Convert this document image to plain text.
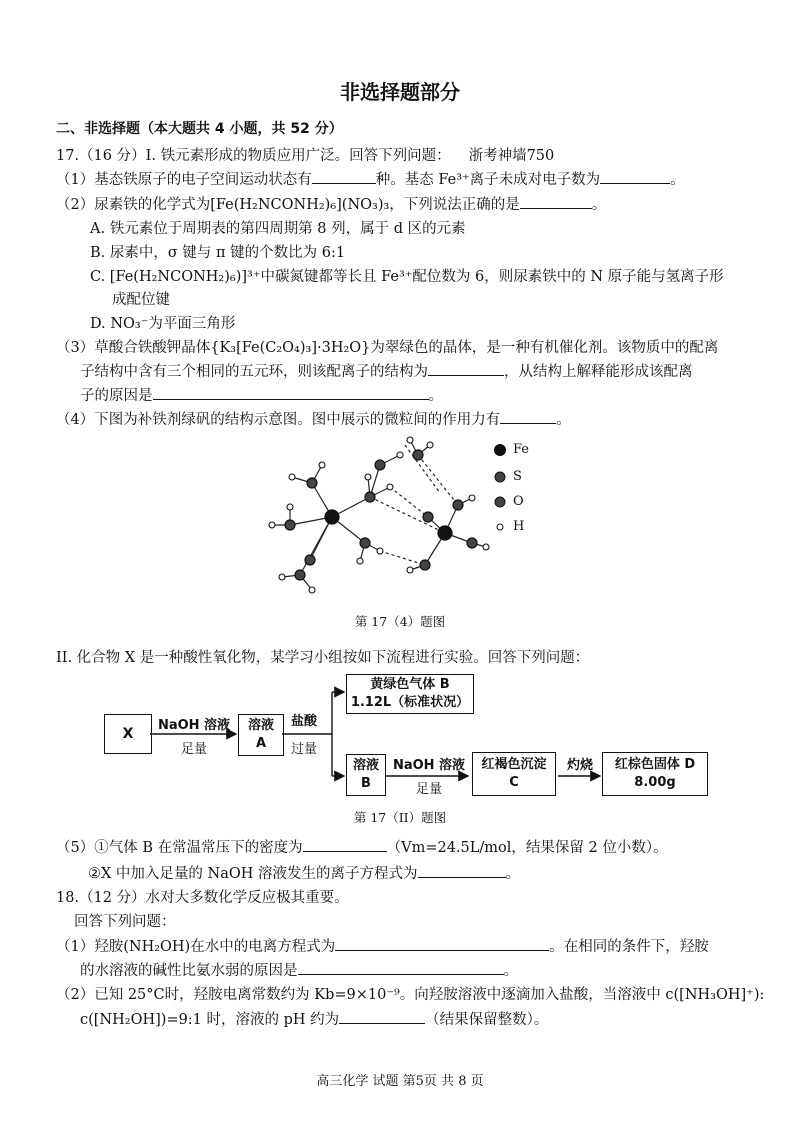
非选择题部分
二、非选择题（本大题共 4 小题，共 52 分）
17.（16 分）I. 铁元素形成的物质应用广泛。回答下列问题： 浙考神墙750
（1）基态铁原子的电子空间运动状态有	种。基态 Fe³⁺离子未成对电子数为	。
（2）尿素铁的化学式为[Fe(H₂NCONH₂)₆](NO₃)₃，下列说法正确的是	。
A. 铁元素位于周期表的第四周期第 8 列，属于 d 区的元素
B. 尿素中，σ 键与 π 键的个数比为 6:1
C. [Fe(H₂NCONH₂)₆)]³⁺中碳氮键都等长且 Fe³⁺配位数为 6，则尿素铁中的 N 原子能与氢离子形
成配位键
D. NO₃⁻为平面三角形
（3）草酸合铁酸钾晶体{K₃[Fe(C₂O₄)₃]·3H₂O}为翠绿色的晶体，是一种有机催化剂。该物质中的配离
子结构中含有三个相同的五元环，则该配离子的结构为	，从结构上解释能形成该配离
子的原因是	。
（4）下图为补铁剂绿矾的结构示意图。图中展示的微粒间的作用力有	。
Fe
S
O
H
第 17（4）题图
II. 化合物 X 是一种酸性氧化物，某学习小组按如下流程进行实验。回答下列问题：
X
NaOH 溶液
足量
溶液
A
盐酸
过量
黄绿色气体 B
1.12L（标准状况）
溶液
B
NaOH 溶液
足量
红褐色沉淀
C
灼烧	红棕色固体 D
8.00g
第 17（II）题图
（5）①气体 B 在常温常压下的密度为	（Vm=24.5L/mol，结果保留 2 位小数）。
②X 中加入足量的 NaOH 溶液发生的离子方程式为	。
18.（12 分）水对大多数化学反应极其重要。
回答下列问题：
（1）羟胺(NH₂OH)在水中的电离方程式为	。在相同的条件下，羟胺
的水溶液的碱性比氨水弱的原因是	。
（2）已知 25°C时，羟胺电离常数约为 Kb=9×10⁻⁹。向羟胺溶液中逐滴加入盐酸，当溶液中 c([NH₃OH]⁺):
c([NH₂OH])=9:1 时，溶液的 pH 约为	（结果保留整数）。
高三化学 试题 第5页 共 8 页
